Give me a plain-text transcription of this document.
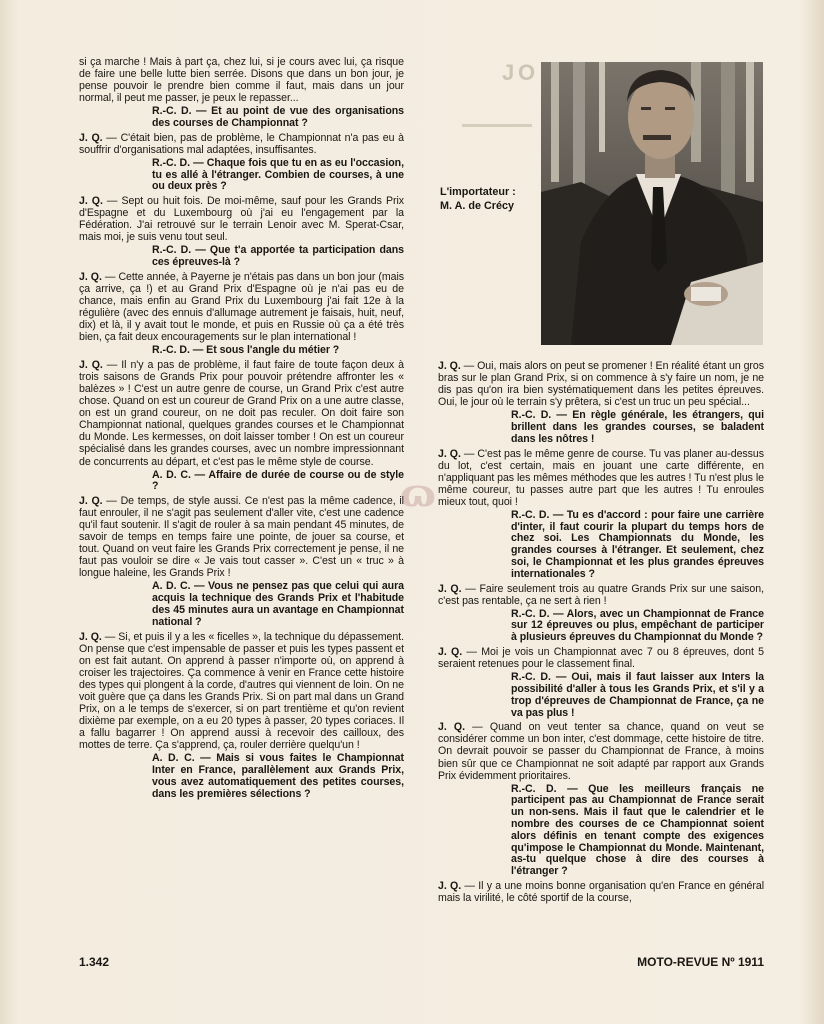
J O

si ça marche ! Mais à part ça, chez lui, si je cours avec lui, ça risque de faire une belle lutte bien serrée. Disons que dans un bon jour, je pense pouvoir le prendre bien comme il faut, mais dans un jour normal, il peut me passer, je peux le repasser...

R.-C. D. — Et au point de vue des organisations des courses de Championnat ?

J. Q. — C'était bien, pas de problème, le Championnat n'a pas eu à souffrir d'organisations mal adaptées, insuffisantes.

R.-C. D. — Chaque fois que tu en as eu l'occasion, tu es allé à l'étranger. Combien de courses, à une ou deux près ?

J. Q. — Sept ou huit fois. De moi-même, sauf pour les Grands Prix d'Espagne et du Luxembourg où j'ai eu l'engagement par la Fédération. J'ai retrouvé sur le terrain Lenoir avec M. Sperat-Csar, mais moi, je suis venu tout seul.

R.-C. D. — Que t'a apportée ta participation dans ces épreuves-là ?

J. Q. — Cette année, à Payerne je n'étais pas dans un bon jour (mais ça arrive, ça !) et au Grand Prix d'Espagne où je n'ai pas eu de chance, mais enfin au Grand Prix du Luxembourg j'ai fait 12e à la régulière (avec des ennuis d'allumage autrement je faisais, huit, neuf, dix) et là, il y avait tout le monde, et puis en Russie où ça a été très bien, ça fait deux encouragements sur le plan international !

R.-C. D. — Et sous l'angle du métier ?

J. Q. — Il n'y a pas de problème, il faut faire de toute façon deux à trois saisons de Grands Prix pour pouvoir prétendre affronter les « balèzes » ! C'est un autre genre de course, un Grand Prix c'est autre chose. Quand on est un coureur de Grand Prix on a une autre classe, on est un grand coureur, on ne doit pas reculer. On doit faire son Championnat national, quelques grandes courses et le Championnat du Monde. Les kermesses, on doit laisser tomber ! On est un coureur spécialisé dans les grandes courses, avec un nombre impressionnant de concurrents au départ, et c'est pas le même style de course.

A. D. C. — Affaire de durée de course ou de style ?

J. Q. — De temps, de style aussi. Ce n'est pas la même cadence, il faut enrouler, il ne s'agit pas seulement d'aller vite, c'est une cadence qu'il faut soutenir. Il s'agit de rouler à sa main pendant 45 minutes, de savoir de temps en temps faire une pointe, de jouer sa course, et tout. Quand on veut faire les Grands Prix correctement je pense, il ne faut pas vouloir se dire « Je vais tout casser ». C'est un « truc » à longue haleine, les Grands Prix !

A. D. C. — Vous ne pensez pas que celui qui aura acquis la technique des Grands Prix et l'habitude des 45 minutes aura un avantage en Championnat national ?

J. Q. — Si, et puis il y a les « ficelles », la technique du dépassement. On pense que c'est impensable de passer et puis les types passent et on est fait autant. On apprend à passer n'importe où, on apprend à croiser les trajectoires. Ça commence à venir en France cette histoire des types qui plongent à la corde, d'autres qui viennent de loin. On ne voit guère que ça dans les Grands Prix. Si on part mal dans un Grand Prix, on a le temps de s'exercer, si on part trentième et qu'on revient dixième par exemple, on a eu 20 types à passer, 20 types coriaces. Il a fallu bagarrer ! On apprend aussi à recevoir des cailloux, des mottes de terre. Ça s'apprend, ça, rouler derrière quelqu'un !

A. D. C. — Mais si vous faites le Championnat Inter en France, parallèlement aux Grands Prix, vous avez automatiquement des petites courses, dans les premières sélections ?

L'importateur :
M. A. de Crécy

J. Q. — Oui, mais alors on peut se promener ! En réalité étant un gros bras sur le plan Grand Prix, si on commence à s'y faire un nom, je ne dis pas qu'on ira bien systématiquement dans les petites épreuves. Oui, le jour où le terrain s'y prêtera, si c'est un truc un peu spécial...

R.-C. D. — En règle générale, les étrangers, qui brillent dans les grandes courses, se baladent dans les nôtres !

J. Q. — C'est pas le même genre de course. Tu vas planer au-dessus du lot, c'est certain, mais en jouant une carte différente, en n'appliquant pas les mêmes méthodes que les autres ! Tu n'est plus le même coureur, tu passes autre part que les autres ! Tu enroules mieux tout, quoi !

R.-C. D. — Tu es d'accord : pour faire une carrière d'inter, il faut courir la plupart du temps hors de chez soi. Les Championnats du Monde, les grandes courses à l'étranger. Et seulement, chez soi, le Championnat et les plus grandes épreuves internationales ?

J. Q. — Faire seulement trois au quatre Grands Prix sur une saison, c'est pas rentable, ça ne sert à rien !

R.-C. D. — Alors, avec un Championnat de France sur 12 épreuves ou plus, empêchant de participer à plusieurs épreuves du Championnat du Monde ?

J. Q. — Moi je vois un Championnat avec 7 ou 8 épreuves, dont 5 seraient retenues pour le classement final.

R.-C. D. — Oui, mais il faut laisser aux Inters la possibilité d'aller à tous les Grands Prix, et s'il y a trop d'épreuves de Championnat de France, ça ne va pas plus !

J. Q. — Quand on veut tenter sa chance, quand on veut se considérer comme un bon inter, c'est dommage, cette histoire de titre. On devrait pouvoir se passer du Championnat de France, à moins bien sûr que ce Championnat ne soit adapté par rapport aux Grands Prix évidemment prioritaires.

R.-C. D. — Que les meilleurs français ne participent pas au Championnat de France serait un non-sens. Mais il faut que le calendrier et le nombre des courses de ce Championnat soient alors définis en tenant compte des exigences qu'impose le Championnat du Monde. Maintenant, as-tu quelque chose à dire des courses à l'étranger ?

J. Q. — Il y a une moins bonne organisation qu'en France en général mais la virilité, le côté sportif de la course,

ɷ
1.342	MOTO-REVUE Nº 1911
